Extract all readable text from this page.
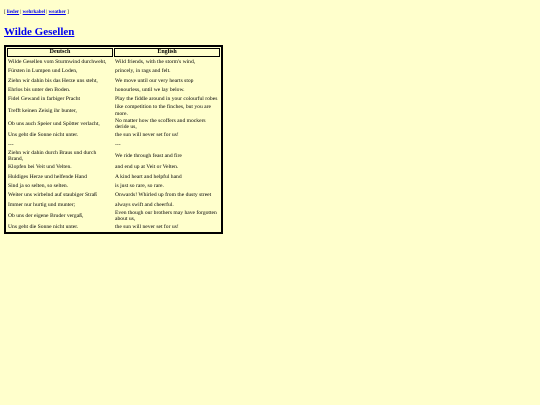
[ lieder | wehrkabel | weather ]
Wilde Gesellen
Deutsch	English
Wilde Gesellen vom Sturmwind durchweht,	Wild friends, with the storm's wind,
Fürsten in Lumpen und Loden,	princely, in rags and felt.
Ziehn wir dahin bis das Herze uns steht,	We move until our very hearts stop
Ehrlos bis unter den Boden.	honourless, until we lay below.
Fidel Gewand in farbiger Pracht	Play the fiddle around in your colourful robes
Trefft keinen Zeisig ihr bunter,	like competition to the finches, but you are more.
Ob uns auch Speier und Spötter verlacht,	No matter how the scoffers and mockers deride us,
Uns geht die Sonne nicht unter.	the sun will never set for us!
---	---
Ziehn wir dahin durch Braus und durch Brand,	We ride through feast and fire
Klopfen bei Veit und Velten.	and end up at Veit or Velten.
Huldiges Herze und helfende Hand	A kind heart and helpful hand
Sind ja so selten, so selten.	is just so rare, so rare.
Weiter uns wirbelnd auf staubiger Straß	Onwards! Whirled up from the dusty street
Immer nur hurtig und munter;	always swift and cheerful.
Ob uns der eigene Bruder vergaß,	Even though our brothers may have forgotten about us,
Uns geht die Sonne nicht unter.	the sun will never set for us!
